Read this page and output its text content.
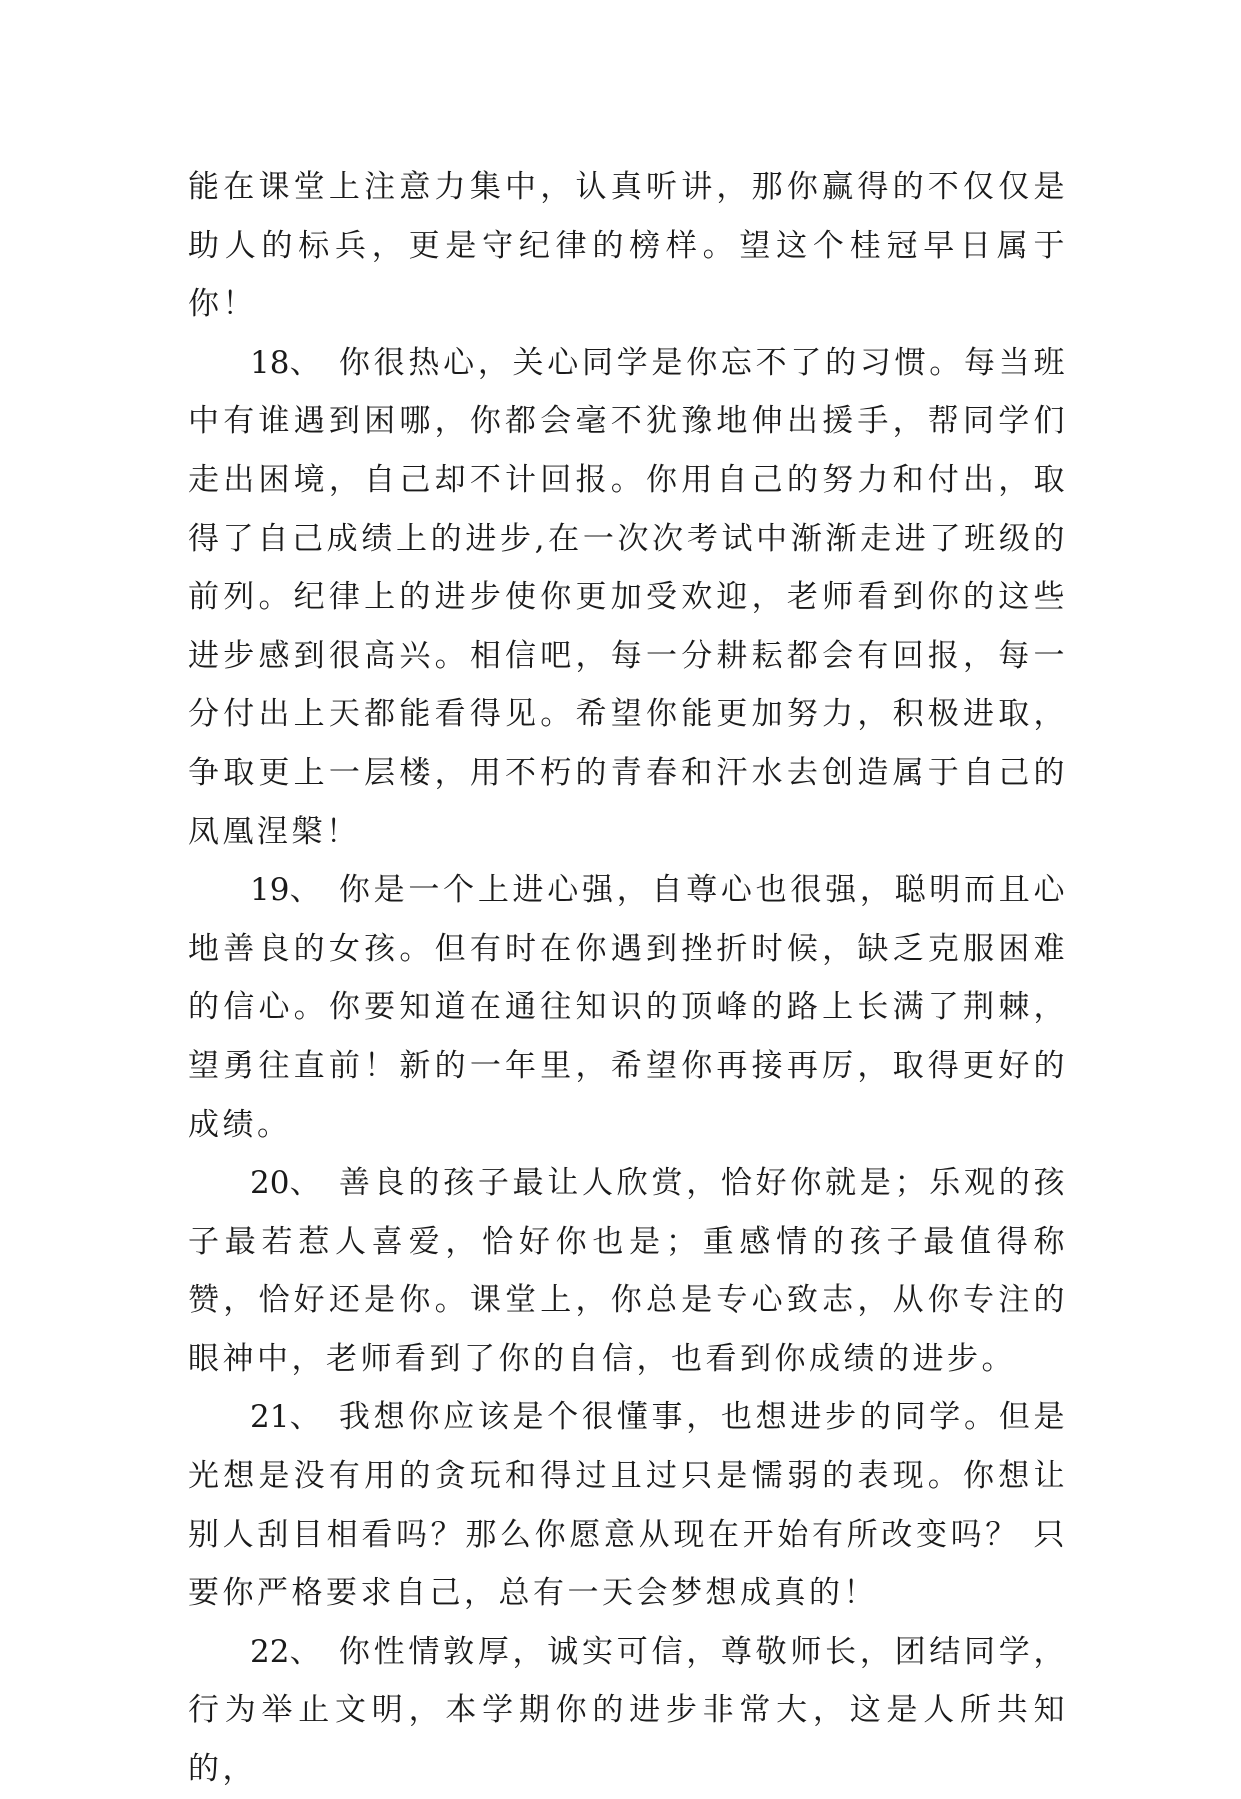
能在课堂上注意力集中，认真听讲，那你赢得的不仅仅是助人的标兵，更是守纪律的榜样。望这个桂冠早日属于你！

18、 你很热心，关心同学是你忘不了的习惯。每当班中有谁遇到困哪，你都会毫不犹豫地伸出援手，帮同学们走出困境，自己却不计回报。你用自己的努力和付出，取得了自己成绩上的进步,在一次次考试中渐渐走进了班级的前列。纪律上的进步使你更加受欢迎，老师看到你的这些进步感到很高兴。相信吧，每一分耕耘都会有回报，每一分付出上天都能看得见。希望你能更加努力，积极进取，争取更上一层楼，用不朽的青春和汗水去创造属于自己的凤凰涅槃！

19、 你是一个上进心强，自尊心也很强，聪明而且心地善良的女孩。但有时在你遇到挫折时候，缺乏克服困难的信心。你要知道在通往知识的顶峰的路上长满了荆棘，望勇往直前！新的一年里，希望你再接再厉，取得更好的成绩。

20、 善良的孩子最让人欣赏，恰好你就是；乐观的孩子最若惹人喜爱，恰好你也是；重感情的孩子最值得称赞，恰好还是你。课堂上，你总是专心致志，从你专注的眼神中，老师看到了你的自信，也看到你成绩的进步。

21、 我想你应该是个很懂事，也想进步的同学。但是光想是没有用的贪玩和得过且过只是懦弱的表现。你想让别人刮目相看吗？那么你愿意从现在开始有所改变吗？ 只要你严格要求自己，总有一天会梦想成真的！

22、 你性情敦厚，诚实可信，尊敬师长，团结同学，行为举止文明，本学期你的进步非常大，这是人所共知的，
